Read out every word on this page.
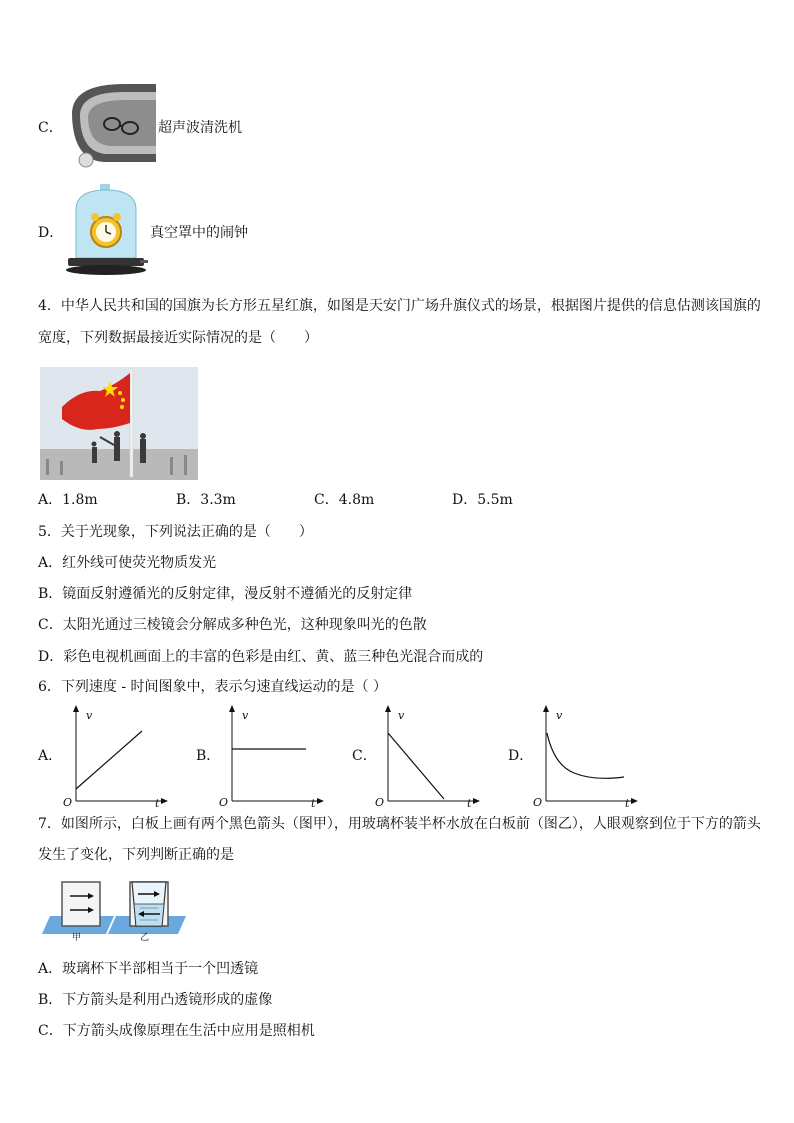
C．	超声波清洗机
D．	真空罩中的闹钟
4．中华人民共和国的国旗为长方形五星红旗，如图是天安门广场升旗仪式的场景，根据图片提供的信息估测该国旗的
宽度，下列数据最接近实际情况的是（　　）
A．1.8m	B．3.3m	C．4.8m	D．5.5m
5．关于光现象，下列说法正确的是（　　）
A．红外线可使荧光物质发光
B．镜面反射遵循光的反射定律，漫反射不遵循光的反射定律
C．太阳光通过三棱镜会分解成多种色光，这种现象叫光的色散
D．彩色电视机画面上的丰富的色彩是由红、黄、蓝三种色光混合而成的
6．下列速度 - 时间图象中，表示匀速直线运动的是（ ）
A．
v
t
O
B．
v
t
O
C．
v
t
O
D．
v
t
O
7．如图所示，白板上画有两个黑色箭头（图甲），用玻璃杯装半杯水放在白板前（图乙），人眼观察到位于下方的箭头
发生了变化，下列判断正确的是
甲	乙
A．玻璃杯下半部相当于一个凹透镜
B．下方箭头是利用凸透镜形成的虚像
C．下方箭头成像原理在生活中应用是照相机
